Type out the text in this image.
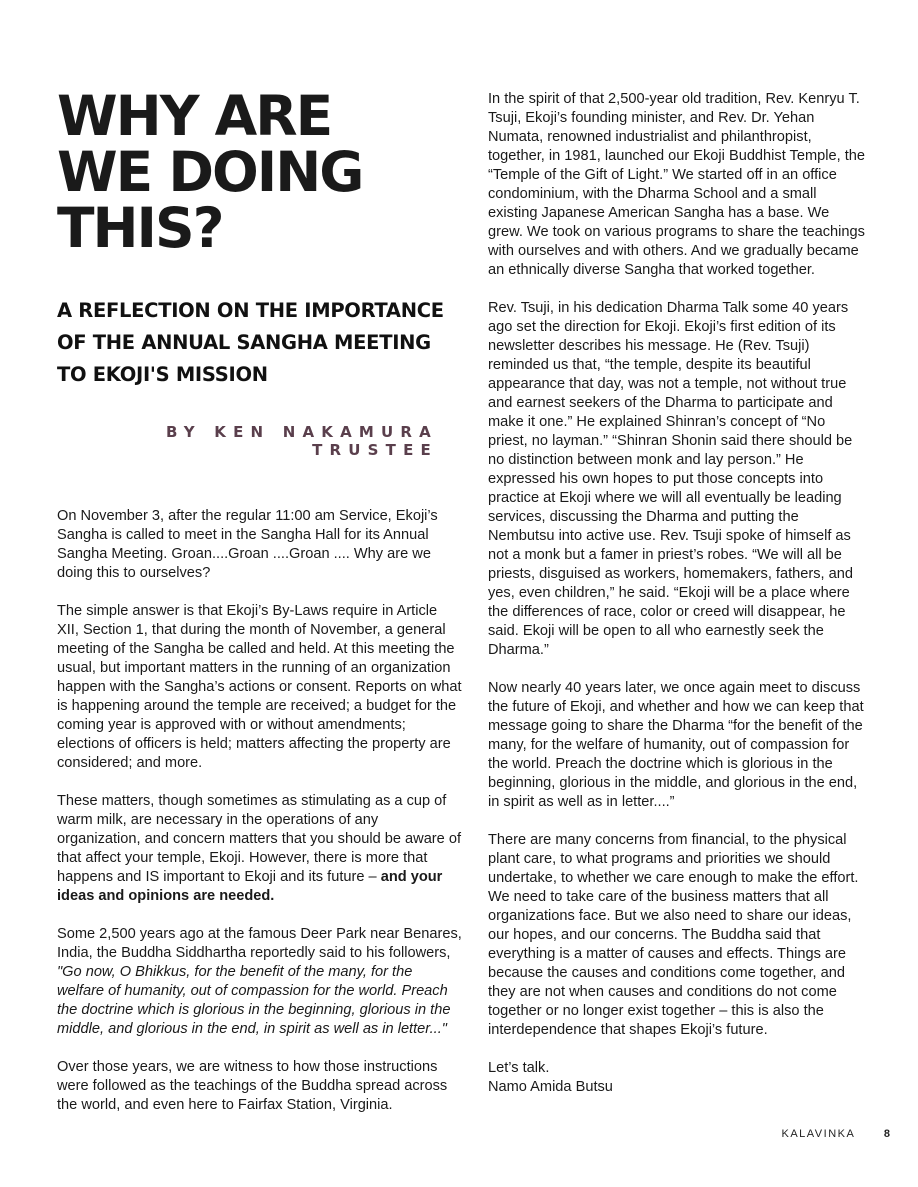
WHY ARE
WE DOING
THIS?
A REFLECTION ON THE IMPORTANCE
OF THE ANNUAL SANGHA MEETING
TO EKOJI'S MISSION
BY KEN NAKAMURA
TRUSTEE

On November 3, after the regular 11:00 am Service, Ekoji’s Sangha is called to meet in the Sangha Hall for its Annual Sangha Meeting. Groan....Groan ....Groan .... Why are we doing this to ourselves?

The simple answer is that Ekoji’s By-Laws require in Article XII, Section 1, that during the month of November, a general meeting of the Sangha be called and held. At this meeting the usual, but important matters in the running of an organization happen with the Sangha’s actions or consent. Reports on what is happening around the temple are received; a budget for the coming year is approved with or without amendments; elections of officers is held; matters affecting the property are considered; and more.

These matters, though sometimes as stimulating as a cup of warm milk, are necessary in the operations of any organization, and concern matters that you should be aware of that affect your temple, Ekoji. However, there is more that happens and IS important to Ekoji and its future – and your ideas and opinions are needed.

Some 2,500 years ago at the famous Deer Park near Benares, India, the Buddha Siddhartha reportedly said to his followers, "Go now, O Bhikkus, for the benefit of the many, for the welfare of humanity, out of compassion for the world. Preach the doctrine which is glorious in the beginning, glorious in the middle, and glorious in the end, in spirit as well as in letter..."

Over those years, we are witness to how those instructions were followed as the teachings of the Buddha spread across the world, and even here to Fairfax Station, Virginia.

In the spirit of that 2,500-year old tradition, Rev. Kenryu T. Tsuji, Ekoji’s founding minister, and Rev. Dr. Yehan Numata, renowned industrialist and philanthropist, together, in 1981, launched our Ekoji Buddhist Temple, the “Temple of the Gift of Light.” We started off in an office condominium, with the Dharma School and a small existing Japanese American Sangha has a base. We grew. We took on various programs to share the teachings with ourselves and with others. And we gradually became an ethnically diverse Sangha that worked together.

Rev. Tsuji, in his dedication Dharma Talk some 40 years ago set the direction for Ekoji. Ekoji’s first edition of its newsletter describes his message. He (Rev. Tsuji) reminded us that, “the temple, despite its beautiful appearance that day, was not a temple, not without true and earnest seekers of the Dharma to participate and make it one.” He explained Shinran’s concept of “No priest, no layman.” “Shinran Shonin said there should be no distinction between monk and lay person.” He expressed his own hopes to put those concepts into practice at Ekoji where we will all eventually be leading services, discussing the Dharma and putting the Nembutsu into active use. Rev. Tsuji spoke of himself as not a monk but a famer in priest’s robes. “We will all be priests, disguised as workers, homemakers, fathers, and yes, even children,” he said. “Ekoji will be a place where the differences of race, color or creed will disappear, he said. Ekoji will be open to all who earnestly seek the Dharma.”

Now nearly 40 years later, we once again meet to discuss the future of Ekoji, and whether and how we can keep that message going to share the Dharma “for the benefit of the many, for the welfare of humanity, out of compassion for the world. Preach the doctrine which is glorious in the beginning, glorious in the middle, and glorious in the end, in spirit as well as in letter....”

There are many concerns from financial, to the physical plant care, to what programs and priorities we should undertake, to whether we care enough to make the effort. We need to take care of the business matters that all organizations face. But we also need to share our ideas, our hopes, and our concerns. The Buddha said that everything is a matter of causes and effects. Things are because the causes and conditions come together, and they are not when causes and conditions do not come together or no longer exist together – this is also the interdependence that shapes Ekoji’s future.

Let’s talk.
Namo Amida Butsu
KALAVINKA	8
